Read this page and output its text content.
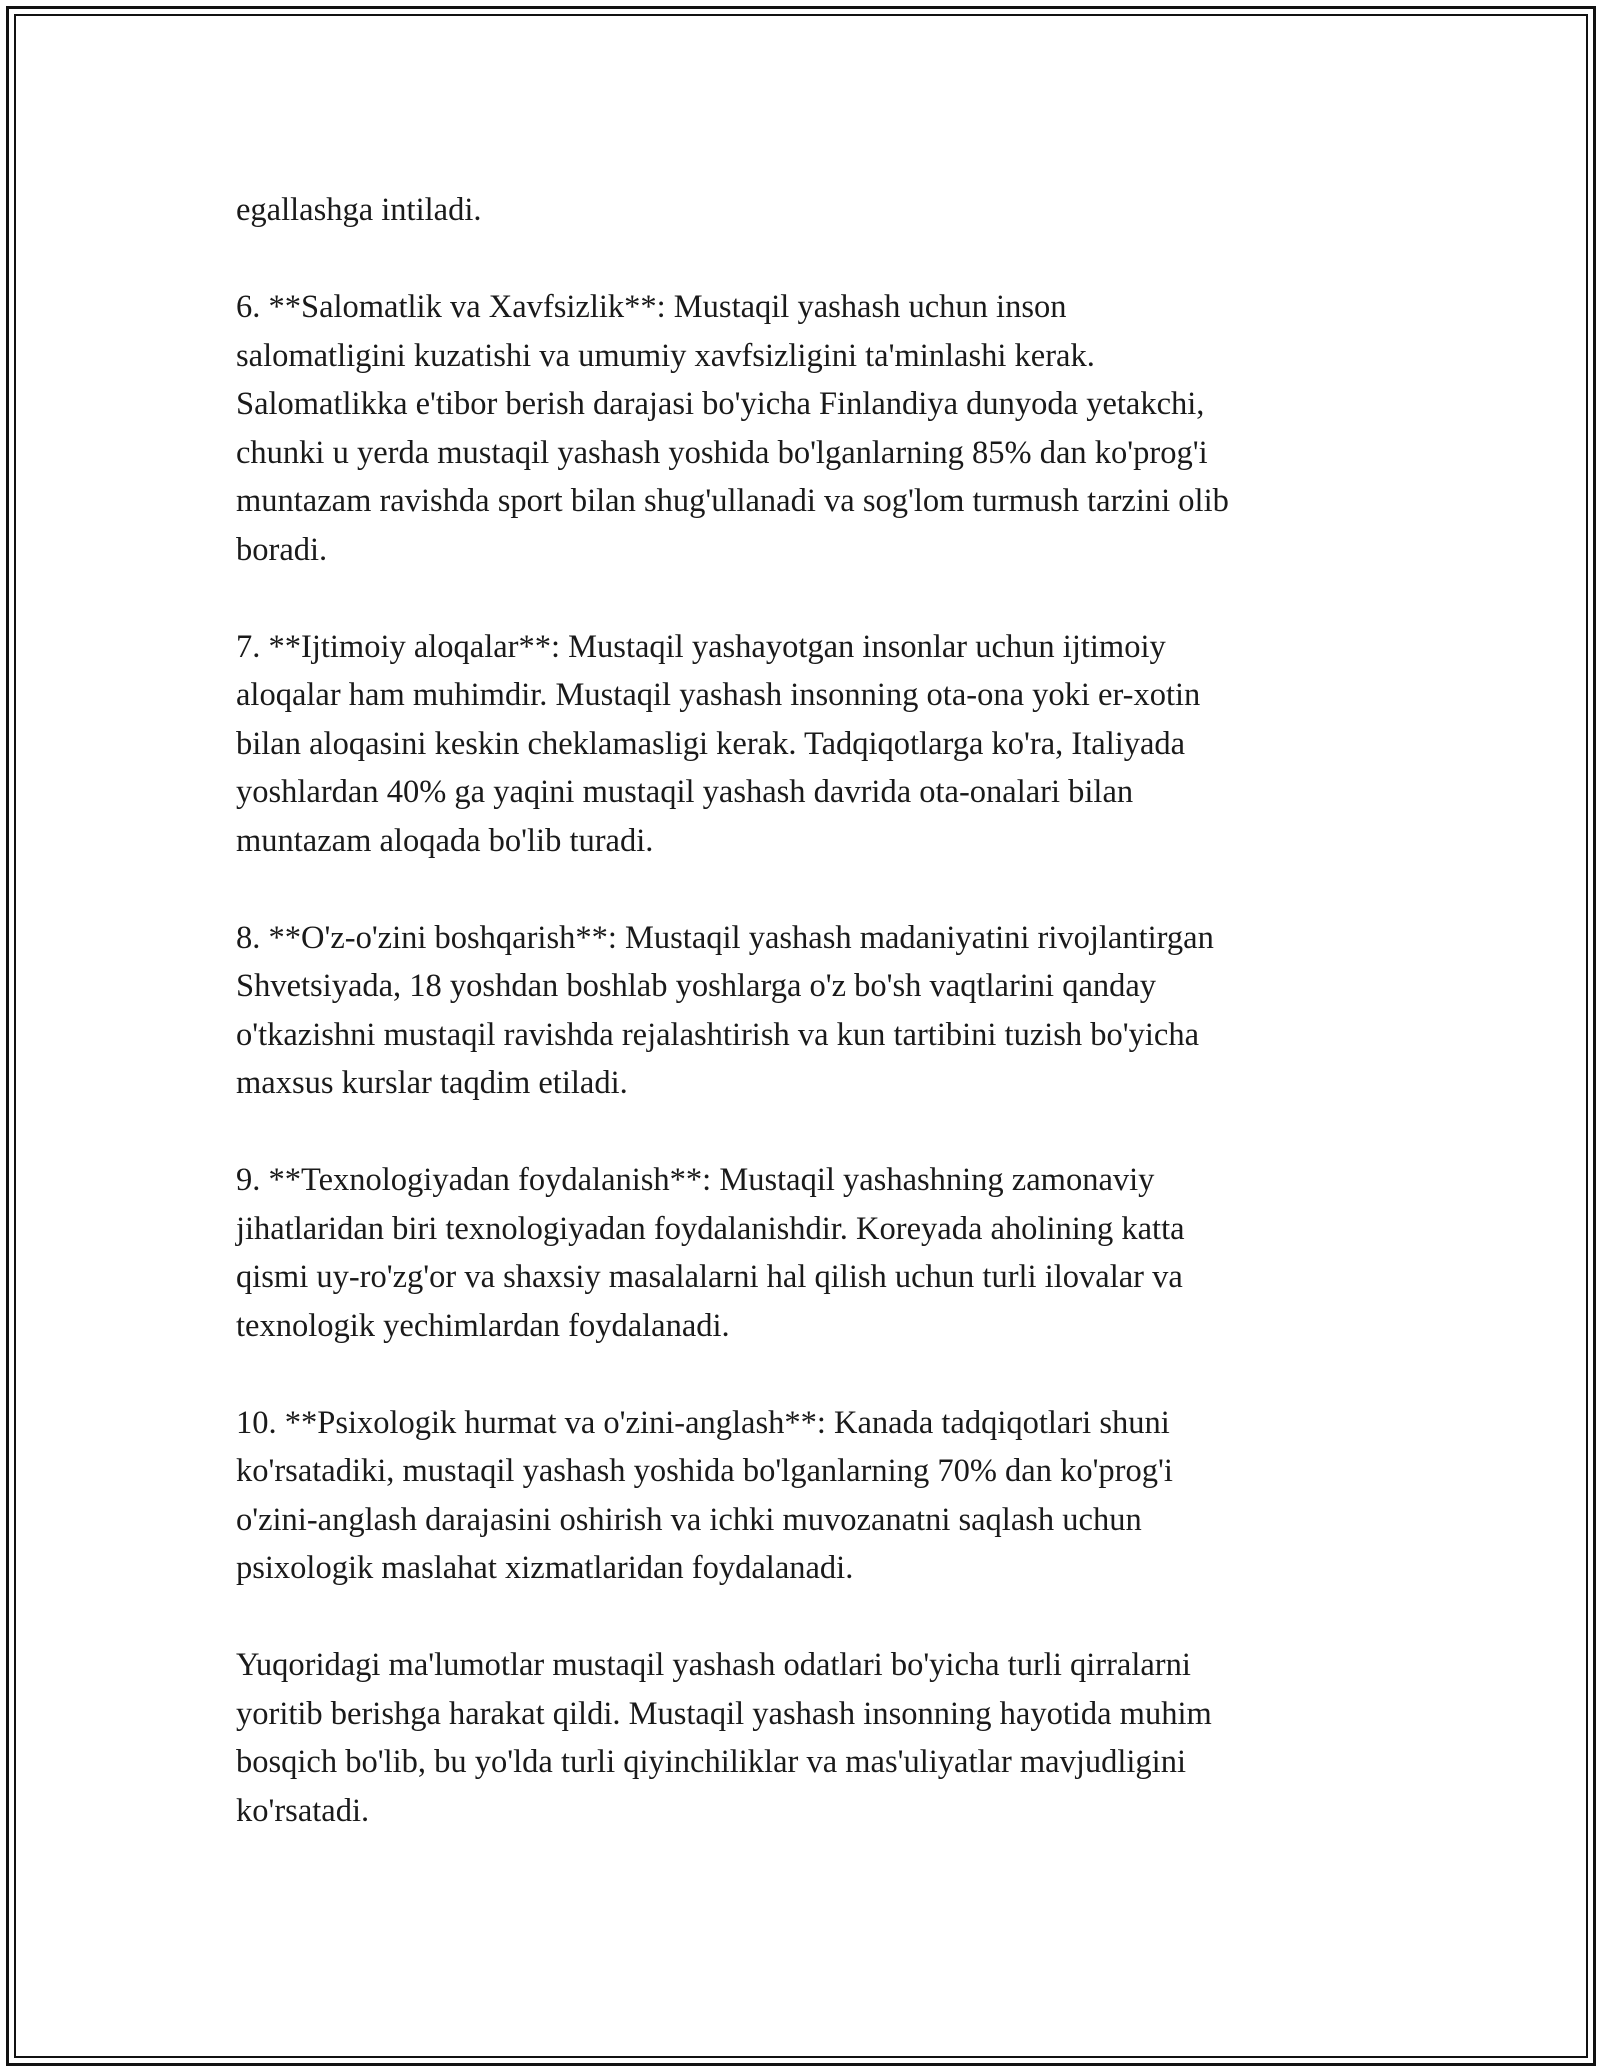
egallashga intiladi.

6. **Salomatlik va Xavfsizlik**: Mustaqil yashash uchun inson
salomatligini kuzatishi va umumiy xavfsizligini ta'minlashi kerak.
Salomatlikka e'tibor berish darajasi bo'yicha Finlandiya dunyoda yetakchi,
chunki u yerda mustaqil yashash yoshida bo'lganlarning 85% dan ko'prog'i
muntazam ravishda sport bilan shug'ullanadi va sog'lom turmush tarzini olib
boradi.

7. **Ijtimoiy aloqalar**: Mustaqil yashayotgan insonlar uchun ijtimoiy
aloqalar ham muhimdir. Mustaqil yashash insonning ota-ona yoki er-xotin
bilan aloqasini keskin cheklamasligi kerak. Tadqiqotlarga ko'ra, Italiyada
yoshlardan 40% ga yaqini mustaqil yashash davrida ota-onalari bilan
muntazam aloqada bo'lib turadi.

8. **O'z-o'zini boshqarish**: Mustaqil yashash madaniyatini rivojlantirgan
Shvetsiyada, 18 yoshdan boshlab yoshlarga o'z bo'sh vaqtlarini qanday
o'tkazishni mustaqil ravishda rejalashtirish va kun tartibini tuzish bo'yicha
maxsus kurslar taqdim etiladi.

9. **Texnologiyadan foydalanish**: Mustaqil yashashning zamonaviy
jihatlaridan biri texnologiyadan foydalanishdir. Koreyada aholining katta
qismi uy-ro'zg'or va shaxsiy masalalarni hal qilish uchun turli ilovalar va
texnologik yechimlardan foydalanadi.

10. **Psixologik hurmat va o'zini-anglash**: Kanada tadqiqotlari shuni
ko'rsatadiki, mustaqil yashash yoshida bo'lganlarning 70% dan ko'prog'i
o'zini-anglash darajasini oshirish va ichki muvozanatni saqlash uchun
psixologik maslahat xizmatlaridan foydalanadi.

Yuqoridagi ma'lumotlar mustaqil yashash odatlari bo'yicha turli qirralarni
yoritib berishga harakat qildi. Mustaqil yashash insonning hayotida muhim
bosqich bo'lib, bu yo'lda turli qiyinchiliklar va mas'uliyatlar mavjudligini
ko'rsatadi.
